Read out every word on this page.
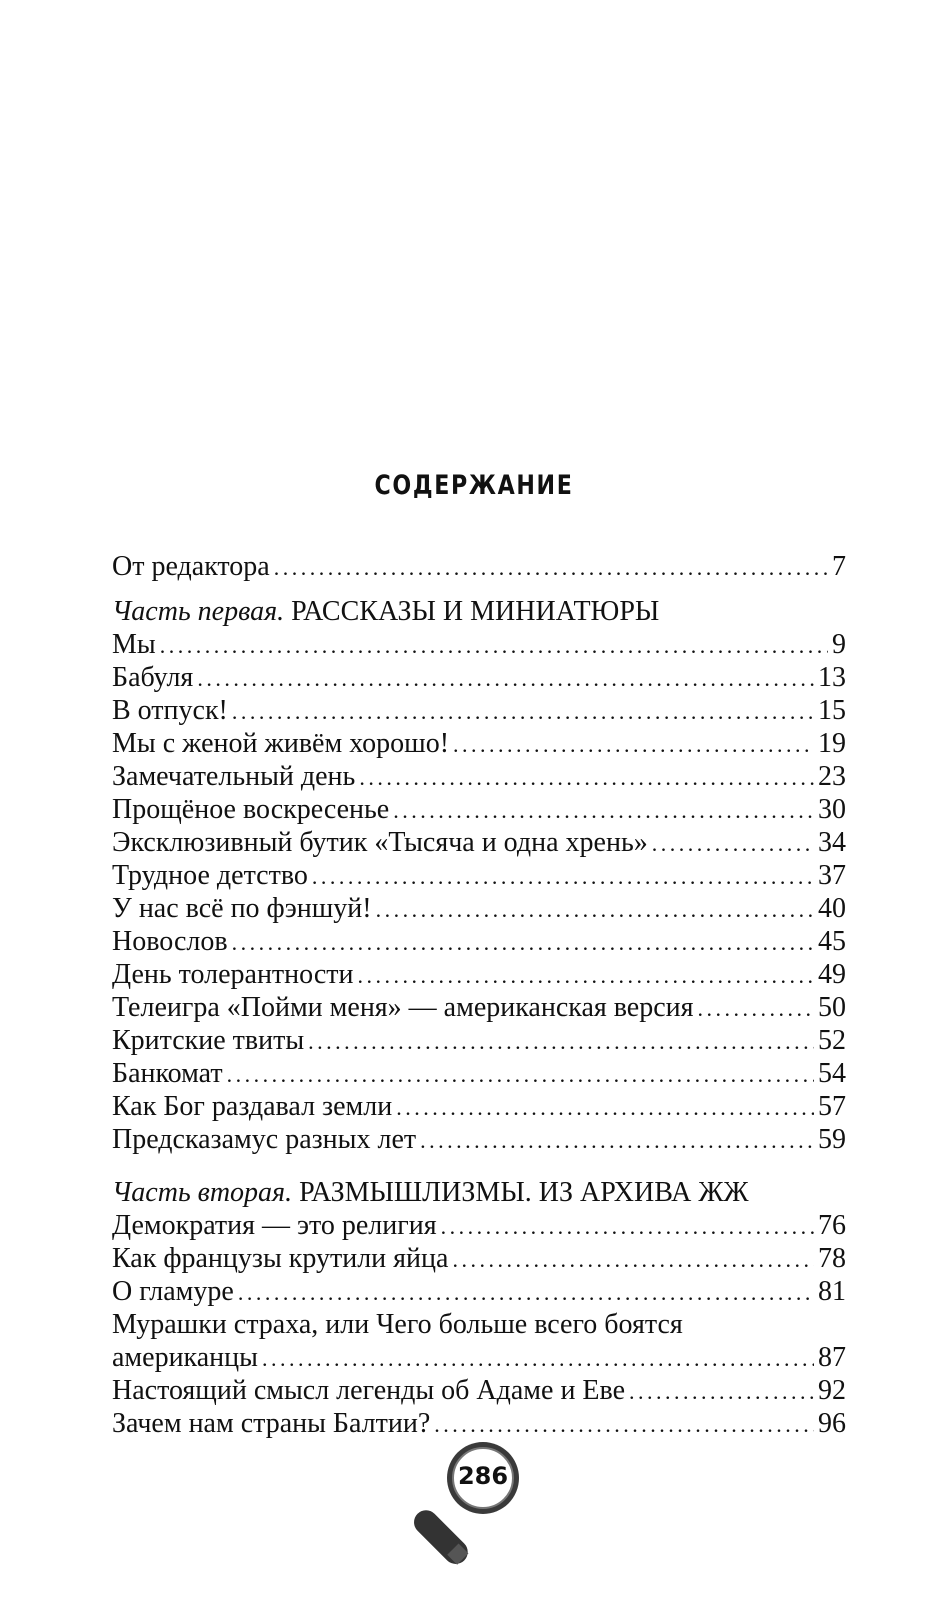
СОДЕРЖАНИЕ
От редактора . . .	7
Часть первая. РАССКАЗЫ И МИНИАТЮРЫ
Мы . . .	9
Бабуля . . .	13
В отпуск! . . .	15
Мы с женой живём хорошо! . . .	19
Замечательный день . . .	23
Прощёное воскресенье . . .	30
Эксклюзивный бутик «Тысяча и одна хрень» . . .	34
Трудное детство . . .	37
У нас всё по фэншуй! . . .	40
Новослов . . .	45
День толерантности . . .	49
Телеигра «Пойми меня» — американская версия . . .	50
Критские твиты . . .	52
Банкомат . . .	54
Как Бог раздавал земли . . .	57
Предсказамус разных лет . . .	59
Часть вторая. РАЗМЫШЛИЗМЫ. ИЗ АРХИВА ЖЖ
Демократия — это религия . . .	76
Как французы крутили яйца . . .	78
О гламуре . . .	81
Мурашки страха, или Чего больше всего боятся
американцы . . .	87
Настоящий смысл легенды об Адаме и Еве . . .	92
Зачем нам страны Балтии? . . .	96
286
